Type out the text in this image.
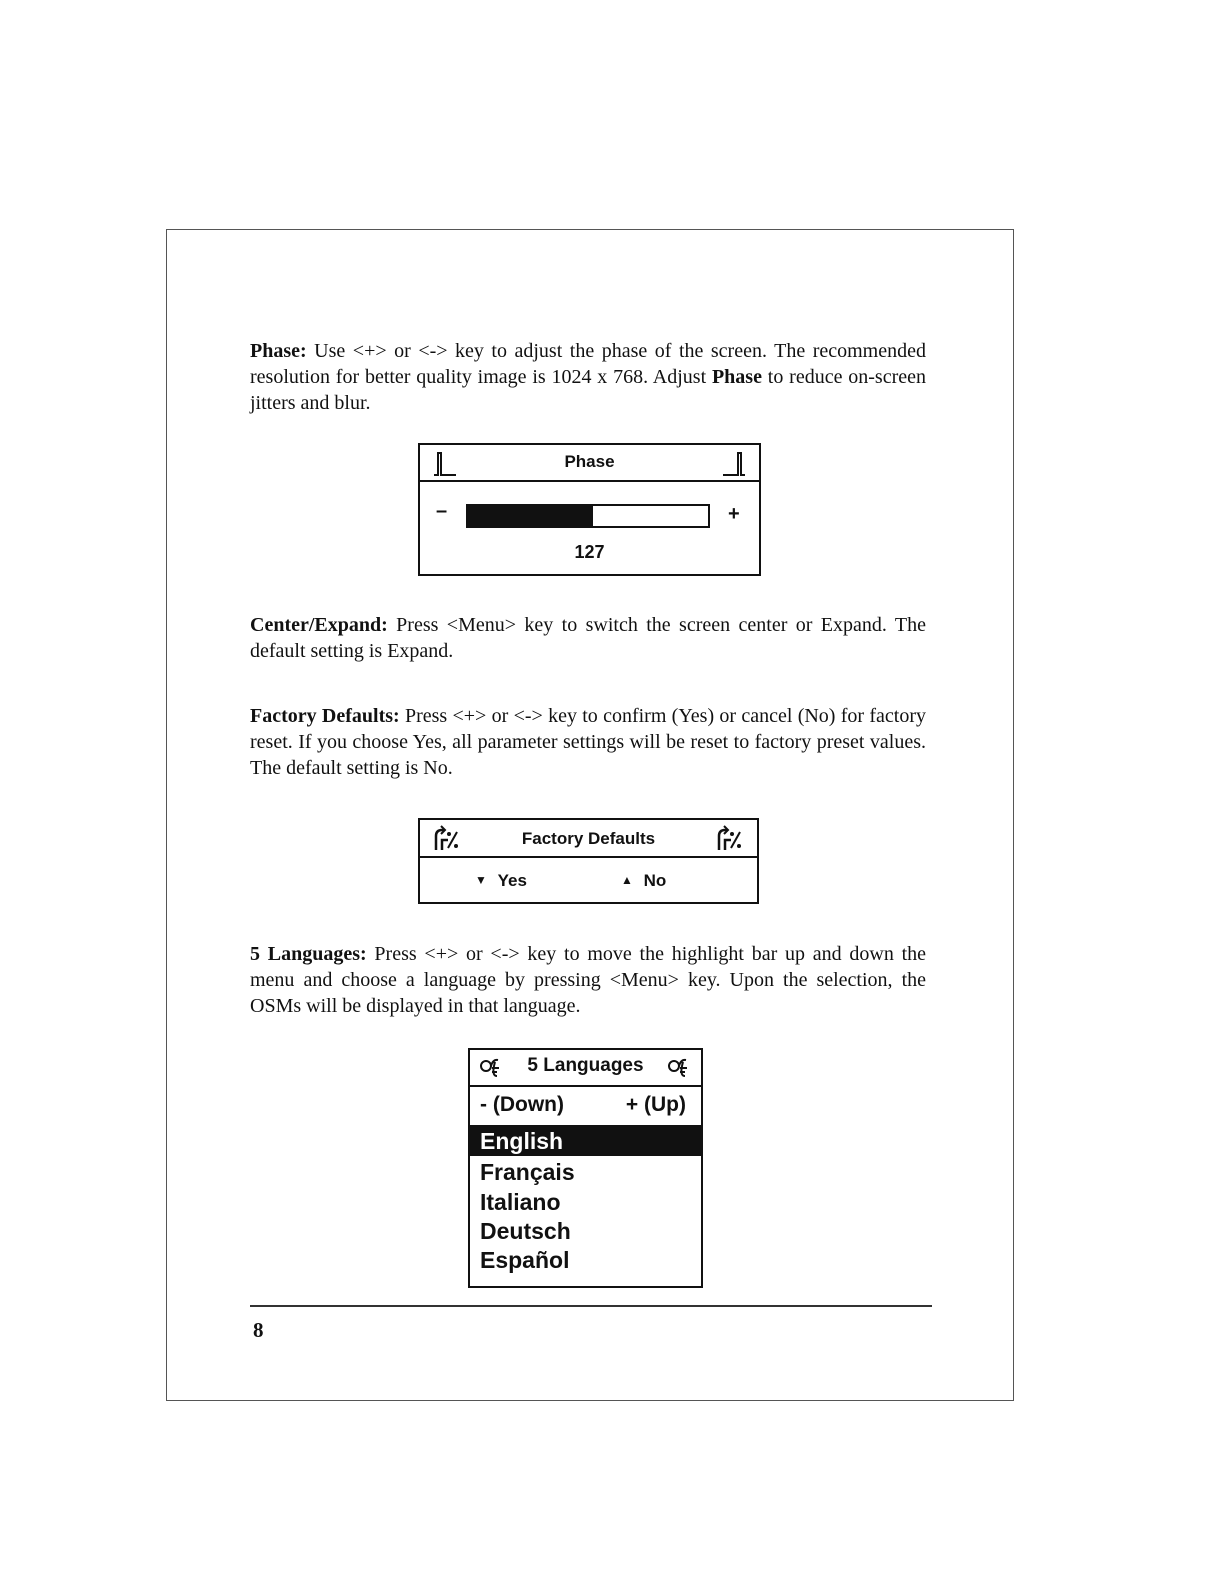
Phase: Use <+> or <-> key to adjust the phase of the screen. The recommended resolution for better quality image is 1024 x 768. Adjust Phase to reduce on-screen jitters and blur.
Phase
–	+
127
Center/Expand: Press <Menu> key to switch the screen center or Expand. The default setting is Expand.
Factory Defaults: Press <+> or <-> key to confirm (Yes) or cancel (No) for factory reset. If you choose Yes, all parameter settings will be reset to factory preset values. The default setting is No.
Factory Defaults
▼ Yes	▲ No
5 Languages: Press <+> or <-> key to move the highlight bar up and down the menu and choose a language by pressing <Menu> key. Upon the selection, the OSMs will be displayed in that language.
5 Languages
- (Down)	+ (Up)
English
Français
Italiano
Deutsch
Español
8
